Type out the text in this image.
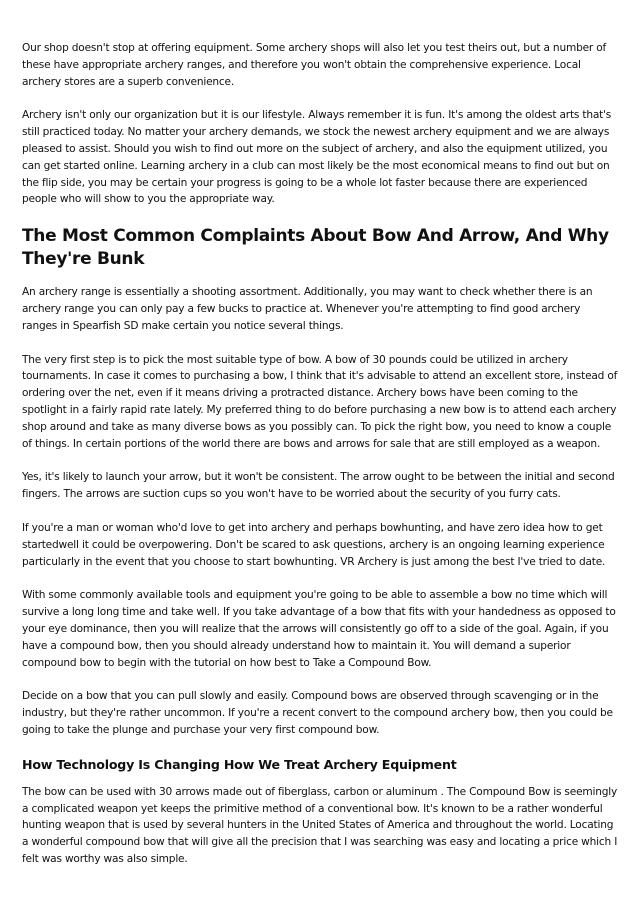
Our shop doesn't stop at offering equipment. Some archery shops will also let you test theirs out, but a number of these have appropriate archery ranges, and therefore you won't obtain the comprehensive experience. Local archery stores are a superb convenience.

Archery isn't only our organization but it is our lifestyle. Always remember it is fun. It's among the oldest arts that's still practiced today. No matter your archery demands, we stock the newest archery equipment and we are always pleased to assist. Should you wish to find out more on the subject of archery, and also the equipment utilized, you can get started online. Learning archery in a club can most likely be the most economical means to find out but on the flip side, you may be certain your progress is going to be a whole lot faster because there are experienced people who will show to you the appropriate way.

The Most Common Complaints About Bow And Arrow, And Why They're Bunk

An archery range is essentially a shooting assortment. Additionally, you may want to check whether there is an archery range you can only pay a few bucks to practice at. Whenever you're attempting to find good archery ranges in Spearfish SD make certain you notice several things.

The very first step is to pick the most suitable type of bow. A bow of 30 pounds could be utilized in archery tournaments. In case it comes to purchasing a bow, I think that it's advisable to attend an excellent store, instead of ordering over the net, even if it means driving a protracted distance. Archery bows have been coming to the spotlight in a fairly rapid rate lately. My preferred thing to do before purchasing a new bow is to attend each archery shop around and take as many diverse bows as you possibly can. To pick the right bow, you need to know a couple of things. In certain portions of the world there are bows and arrows for sale that are still employed as a weapon.

Yes, it's likely to launch your arrow, but it won't be consistent. The arrow ought to be between the initial and second fingers. The arrows are suction cups so you won't have to be worried about the security of you furry cats.

If you're a man or woman who'd love to get into archery and perhaps bowhunting, and have zero idea how to get startedwell it could be overpowering. Don't be scared to ask questions, archery is an ongoing learning experience particularly in the event that you choose to start bowhunting. VR Archery is just among the best I've tried to date.

With some commonly available tools and equipment you're going to be able to assemble a bow no time which will survive a long long time and take well. If you take advantage of a bow that fits with your handedness as opposed to your eye dominance, then you will realize that the arrows will consistently go off to a side of the goal. Again, if you have a compound bow, then you should already understand how to maintain it. You will demand a superior compound bow to begin with the tutorial on how best to Take a Compound Bow.

Decide on a bow that you can pull slowly and easily. Compound bows are observed through scavenging or in the industry, but they're rather uncommon. If you're a recent convert to the compound archery bow, then you could be going to take the plunge and purchase your very first compound bow.

How Technology Is Changing How We Treat Archery Equipment

The bow can be used with 30 arrows made out of fiberglass, carbon or aluminum . The Compound Bow is seemingly a complicated weapon yet keeps the primitive method of a conventional bow. It's known to be a rather wonderful hunting weapon that is used by several hunters in the United States of America and throughout the world. Locating a wonderful compound bow that will give all the precision that I was searching was easy and locating a price which I felt was worthy was also simple.
